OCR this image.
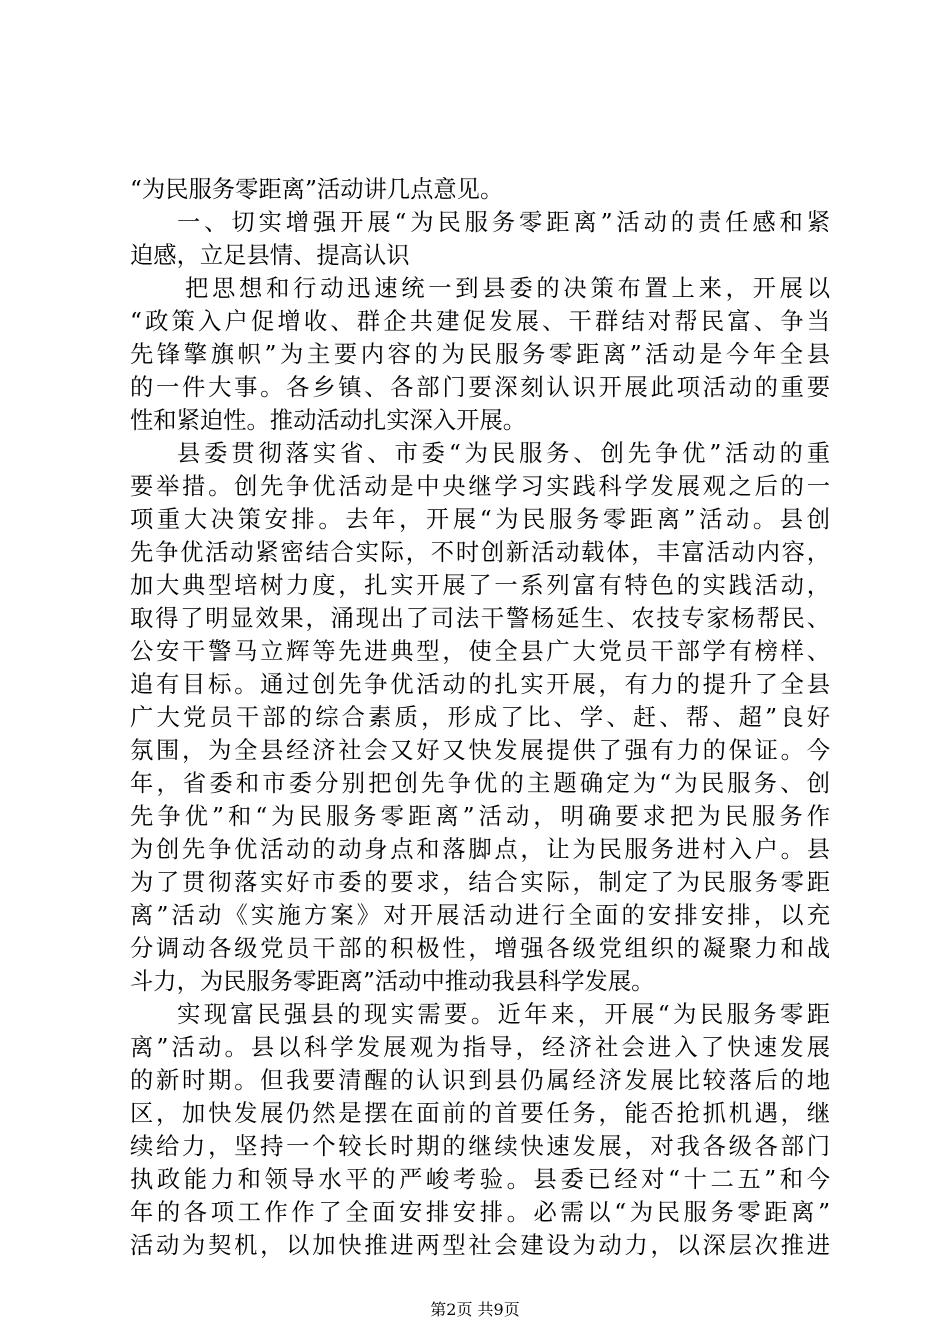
“为民服务零距离”活动讲几点意见。
一、切实增强开展“为民服务零距离”活动的责任感和紧
迫感，立足县情、提高认识
把思想和行动迅速统一到县委的决策布置上来，开展以
“政策入户促增收、群企共建促发展、干群结对帮民富、争当
先锋擎旗帜”为主要内容的为民服务零距离”活动是今年全县
的一件大事。各乡镇、各部门要深刻认识开展此项活动的重要
性和紧迫性。推动活动扎实深入开展。
县委贯彻落实省、市委“为民服务、创先争优”活动的重
要举措。创先争优活动是中央继学习实践科学发展观之后的一
项重大决策安排。去年，开展“为民服务零距离”活动。县创
先争优活动紧密结合实际，不时创新活动载体，丰富活动内容，
加大典型培树力度，扎实开展了一系列富有特色的实践活动，
取得了明显效果，涌现出了司法干警杨延生、农技专家杨帮民、
公安干警马立辉等先进典型，使全县广大党员干部学有榜样、
追有目标。通过创先争优活动的扎实开展，有力的提升了全县
广大党员干部的综合素质，形成了比、学、赶、帮、超”良好
氛围，为全县经济社会又好又快发展提供了强有力的保证。今
年，省委和市委分别把创先争优的主题确定为“为民服务、创
先争优”和“为民服务零距离”活动，明确要求把为民服务作
为创先争优活动的动身点和落脚点，让为民服务进村入户。县
为了贯彻落实好市委的要求，结合实际，制定了为民服务零距
离”活动《实施方案》对开展活动进行全面的安排安排，以充
分调动各级党员干部的积极性，增强各级党组织的凝聚力和战
斗力，为民服务零距离”活动中推动我县科学发展。
实现富民强县的现实需要。近年来，开展“为民服务零距
离”活动。县以科学发展观为指导，经济社会进入了快速发展
的新时期。但我要清醒的认识到县仍属经济发展比较落后的地
区，加快发展仍然是摆在面前的首要任务，能否抢抓机遇，继
续给力，坚持一个较长时期的继续快速发展，对我各级各部门
执政能力和领导水平的严峻考验。县委已经对“十二五”和今
年的各项工作作了全面安排安排。必需以“为民服务零距离”
活动为契机，以加快推进两型社会建设为动力，以深层次推进
第2页 共9页
